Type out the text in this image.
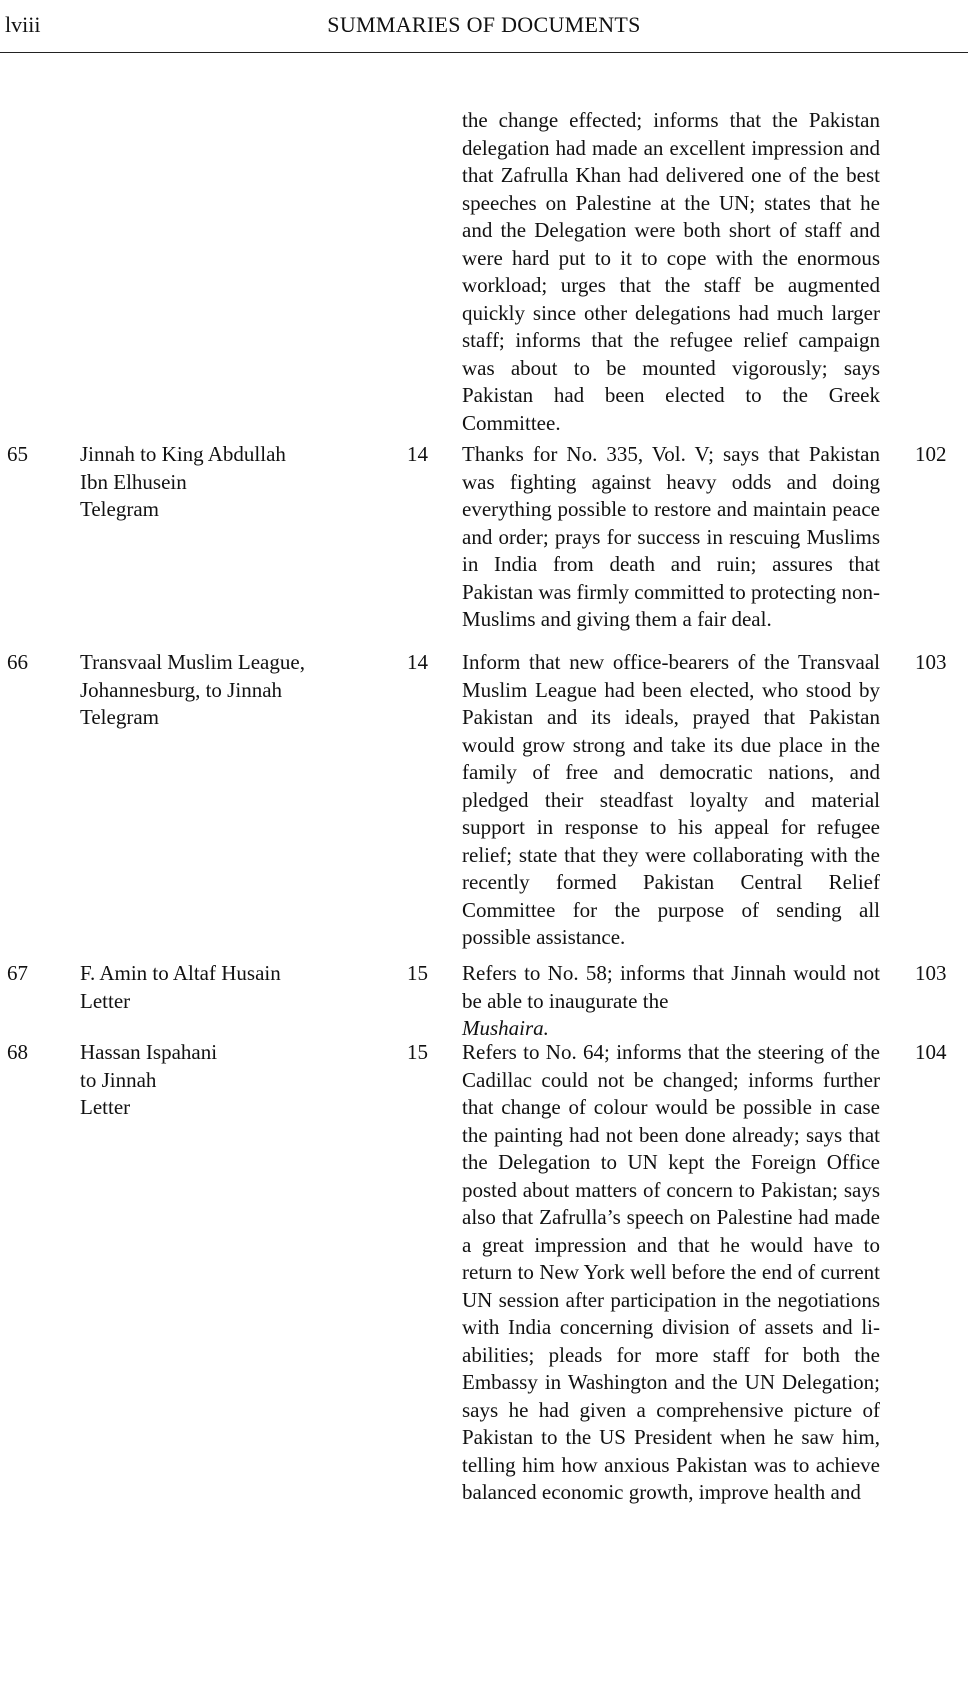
lviii	SUMMARIES OF DOCUMENTS
the change effected; informs that the Pakistan delegation had made an excellent impression and that Zafrulla Khan had delivered one of the best speeches on Palestine at the UN; states that he and the Delegation were both short of staff and were hard put to it to cope with the enormous workload; urges that the staff be augmented quickly since other delegations had much larger staff; informs that the refugee relief campaign was about to be mounted vigorously; says Pakistan had been elected to the Greek Committee.
65 Jinnah to King Abdullah
Ibn Elhusein
Telegram
14 Thanks for No. 335, Vol. V; says that Pakistan was fighting against heavy odds and doing everything possible to restore and maintain peace and order; prays for success in rescuing Muslims in India from death and ruin; assures that Pakistan was firmly committed to protecting non-Muslims and giving them a fair deal.
102
66 Transvaal Muslim League,
Johannesburg, to Jinnah
Telegram
14 Inform that new office-bearers of the Transvaal Muslim League had been elected, who stood by Pakistan and its ideals, prayed that Pakistan would grow strong and take its due place in the family of free and democratic nations, and pledged their steadfast loyalty and material support in response to his appeal for refugee relief; state that they were collaborating with the recently formed Pakistan Central Relief Committee for the purpose of sending all possible assistance.
103
67 F. Amin to Altaf Husain
Letter
15 Refers to No. 58; informs that Jinnah would not be able to inaugurate the
Mushaira.
103
68 Hassan Ispahani
to Jinnah
Letter
15 Refers to No. 64; informs that the steering of the Cadillac could not be changed; informs further that change of colour would be possible in case the painting had not been done already; says that the Delegation to UN kept the Foreign Office posted about matters of concern to Pakistan; says also that Zafrulla’s speech on Palestine had made a great impression and that he would have to return to New York well before the end of current UN session after participation in the negotiations with India concerning division of assets and liabilities; pleads for more staff for both the Embassy in Washington and the UN Delegation; says he had given a comprehensive picture of Pakistan to the US President when he saw him, telling him how anxious Pakistan was to achieve balanced economic growth, improve health and
104
